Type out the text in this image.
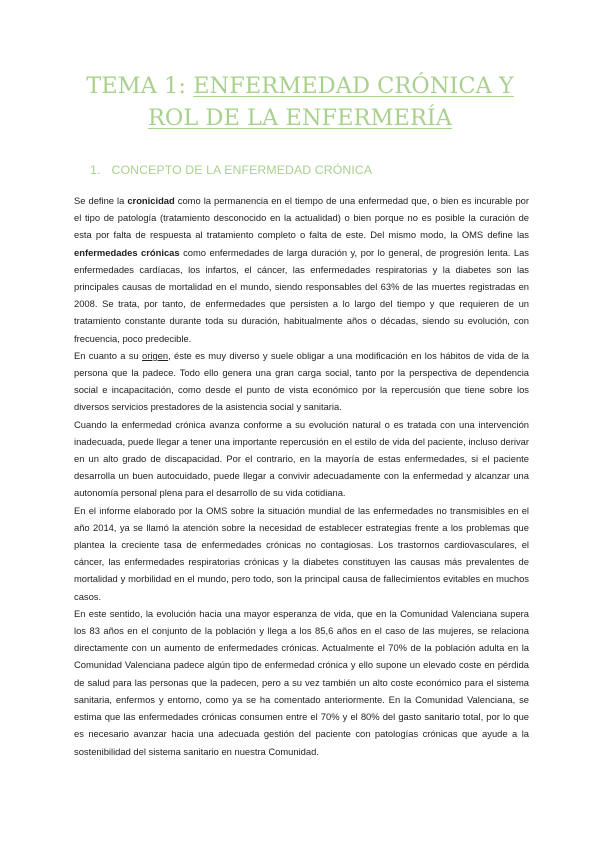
TEMA 1: ENFERMEDAD CRÓNICA Y ROL DE LA ENFERMERÍA
1. CONCEPTO DE LA ENFERMEDAD CRÓNICA

Se define la cronicidad como la permanencia en el tiempo de una enfermedad que, o bien es incurable por el tipo de patología (tratamiento desconocido en la actualidad) o bien porque no es posible la curación de esta por falta de respuesta al tratamiento completo o falta de este. Del mismo modo, la OMS define las enfermedades crónicas como enfermedades de larga duración y, por lo general, de progresión lenta. Las enfermedades cardíacas, los infartos, el cáncer, las enfermedades respiratorias y la diabetes son las principales causas de mortalidad en el mundo, siendo responsables del 63% de las muertes registradas en 2008. Se trata, por tanto, de enfermedades que persisten a lo largo del tiempo y que requieren de un tratamiento constante durante toda su duración, habitualmente años o décadas, siendo su evolución, con frecuencia, poco predecible.

En cuanto a su origen, éste es muy diverso y suele obligar a una modificación en los hábitos de vida de la persona que la padece. Todo ello genera una gran carga social, tanto por la perspectiva de dependencia social e incapacitación, como desde el punto de vista económico por la repercusión que tiene sobre los diversos servicios prestadores de la asistencia social y sanitaria.

Cuando la enfermedad crónica avanza conforme a su evolución natural o es tratada con una intervención inadecuada, puede llegar a tener una importante repercusión en el estilo de vida del paciente, incluso derivar en un alto grado de discapacidad. Por el contrario, en la mayoría de estas enfermedades, si el paciente desarrolla un buen autocuidado, puede llegar a convivir adecuadamente con la enfermedad y alcanzar una autonomía personal plena para el desarrollo de su vida cotidiana.

En el informe elaborado por la OMS sobre la situación mundial de las enfermedades no transmisibles en el año 2014, ya se llamó la atención sobre la necesidad de establecer estrategias frente a los problemas que plantea la creciente tasa de enfermedades crónicas no contagiosas. Los trastornos cardiovasculares, el cáncer, las enfermedades respiratorias crónicas y la diabetes constituyen las causas más prevalentes de mortalidad y morbilidad en el mundo, pero todo, son la principal causa de fallecimientos evitables en muchos casos.

En este sentido, la evolución hacia una mayor esperanza de vida, que en la Comunidad Valenciana supera los 83 años en el conjunto de la población y llega a los 85,6 años en el caso de las mujeres, se relaciona directamente con un aumento de enfermedades crónicas. Actualmente el 70% de la población adulta en la Comunidad Valenciana padece algún tipo de enfermedad crónica y ello supone un elevado coste en pérdida de salud para las personas que la padecen, pero a su vez también un alto coste económico para el sistema sanitaria, enfermos y entorno, como ya se ha comentado anteriormente. En la Comunidad Valenciana, se estima que las enfermedades crónicas consumen entre el 70% y el 80% del gasto sanitario total, por lo que es necesario avanzar hacia una adecuada gestión del paciente con patologías crónicas que ayude a la sostenibilidad del sistema sanitario en nuestra Comunidad.
